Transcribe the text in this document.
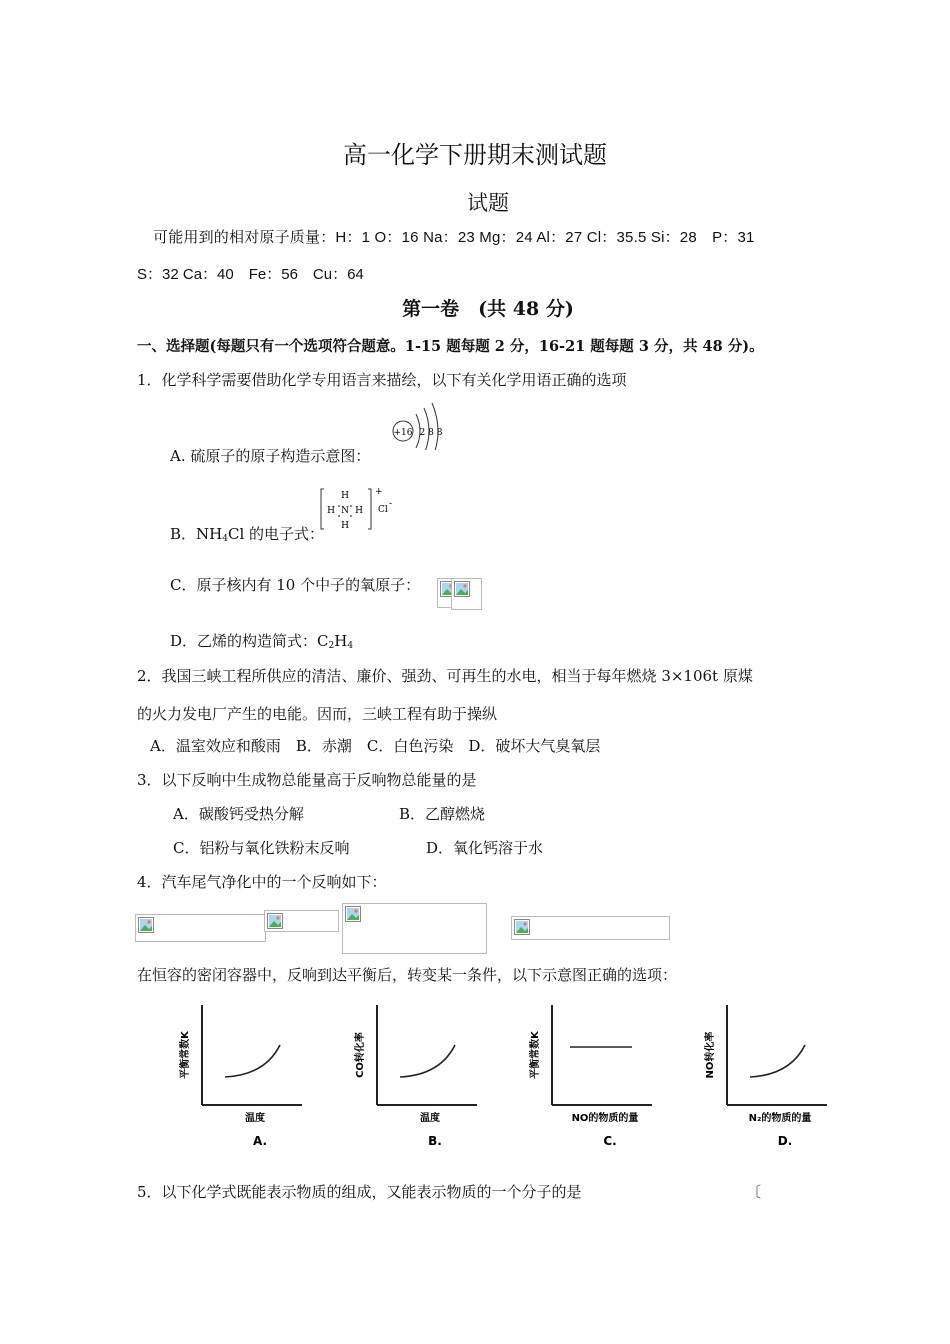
高一化学下册期末测试题
试题
可能用到的相对原子质量：H：1 O：16 Na：23 Mg：24 Al：27 Cl：35.5 Si：28　P：31
S：32 Ca：40　Fe：56　Cu：64
第一卷　(共 48 分)
一、选择题(每题只有一个选项符合题意。1-15 题每题 2 分，16-21 题每题 3 分，共 48 分)。
1．化学科学需要借助化学专用语言来描绘，以下有关化学用语正确的选项
A. 硫原子的原子构造示意图：
+16 2 8 8
B．$NH_4Cl$ 的电子式：
H
H N H
H
+
Cl
-
C．原子核内有 10 个中子的氧原子：
D．乙烯的构造简式：$C_2H_4$
2．我国三峡工程所供应的清洁、廉价、强劲、可再生的水电，相当于每年燃烧 3×106t 原煤
的火力发电厂产生的电能。因而，三峡工程有助于操纵
A．温室效应和酸雨　B．赤潮　C．白色污染　D．破坏大气臭氧层
3．以下反响中生成物总能量高于反响物总能量的是
A．碳酸钙受热分解	B．乙醇燃烧
C．铝粉与氧化铁粉末反响	D．氧化钙溶于水
4．汽车尾气净化中的一个反响如下：
在恒容的密闭容器中，反响到达平衡后，转变某一条件，以下示意图正确的选项：
平衡常数K
温度
A.
CO转化率
温度
B.
平衡常数K
NO的物质的量
C.
NO转化率
N₂的物质的量
D.
5．以下化学式既能表示物质的组成，又能表示物质的一个分子的是	〔
